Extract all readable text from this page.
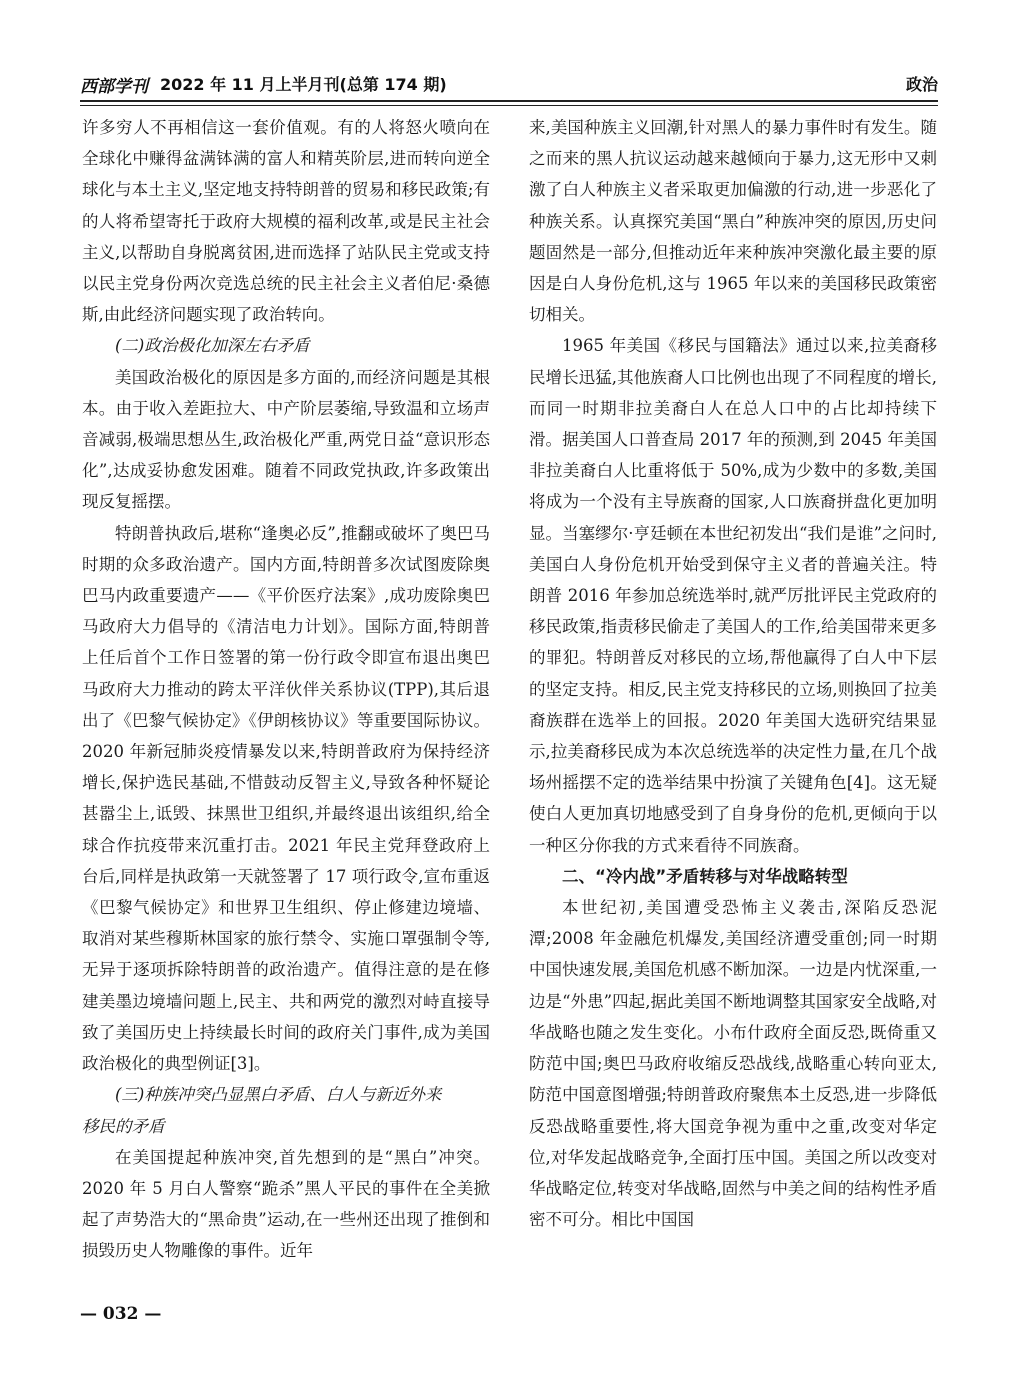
西部学刊 2022 年 11 月上半月刊(总第 174 期)	政治

许多穷人不再相信这一套价值观。有的人将怒火喷向在全球化中赚得盆满钵满的富人和精英阶层,进而转向逆全球化与本土主义,坚定地支持特朗普的贸易和移民政策;有的人将希望寄托于政府大规模的福利改革,或是民主社会主义,以帮助自身脱离贫困,进而选择了站队民主党或支持以民主党身份两次竞选总统的民主社会主义者伯尼·桑德斯,由此经济问题实现了政治转向。

(二)政治极化加深左右矛盾

美国政治极化的原因是多方面的,而经济问题是其根本。由于收入差距拉大、中产阶层萎缩,导致温和立场声音减弱,极端思想丛生,政治极化严重,两党日益“意识形态化”,达成妥协愈发困难。随着不同政党执政,许多政策出现反复摇摆。

特朗普执政后,堪称“逢奥必反”,推翻或破坏了奥巴马时期的众多政治遗产。国内方面,特朗普多次试图废除奥巴马内政重要遗产——《平价医疗法案》,成功废除奥巴马政府大力倡导的《清洁电力计划》。国际方面,特朗普上任后首个工作日签署的第一份行政令即宣布退出奥巴马政府大力推动的跨太平洋伙伴关系协议(TPP),其后退出了《巴黎气候协定》《伊朗核协议》等重要国际协议。2020 年新冠肺炎疫情暴发以来,特朗普政府为保持经济增长,保护选民基础,不惜鼓动反智主义,导致各种怀疑论甚嚣尘上,诋毁、抹黑世卫组织,并最终退出该组织,给全球合作抗疫带来沉重打击。2021 年民主党拜登政府上台后,同样是执政第一天就签署了 17 项行政令,宣布重返《巴黎气候协定》和世界卫生组织、停止修建边境墙、取消对某些穆斯林国家的旅行禁令、实施口罩强制令等,无异于逐项拆除特朗普的政治遗产。值得注意的是在修建美墨边境墙问题上,民主、共和两党的激烈对峙直接导致了美国历史上持续最长时间的政府关门事件,成为美国政治极化的典型例证[3]。

(三)种族冲突凸显黑白矛盾、白人与新近外来

移民的矛盾

在美国提起种族冲突,首先想到的是“黑白”冲突。2020 年 5 月白人警察“跪杀”黑人平民的事件在全美掀起了声势浩大的“黑命贵”运动,在一些州还出现了推倒和损毁历史人物雕像的事件。近年

来,美国种族主义回潮,针对黑人的暴力事件时有发生。随之而来的黑人抗议运动越来越倾向于暴力,这无形中又刺激了白人种族主义者采取更加偏激的行动,进一步恶化了种族关系。认真探究美国“黑白”种族冲突的原因,历史问题固然是一部分,但推动近年来种族冲突激化最主要的原因是白人身份危机,这与 1965 年以来的美国移民政策密切相关。

1965 年美国《移民与国籍法》通过以来,拉美裔移民增长迅猛,其他族裔人口比例也出现了不同程度的增长,而同一时期非拉美裔白人在总人口中的占比却持续下滑。据美国人口普查局 2017 年的预测,到 2045 年美国非拉美裔白人比重将低于 50%,成为少数中的多数,美国将成为一个没有主导族裔的国家,人口族裔拼盘化更加明显。当塞缪尔·亨廷顿在本世纪初发出“我们是谁”之问时,美国白人身份危机开始受到保守主义者的普遍关注。特朗普 2016 年参加总统选举时,就严厉批评民主党政府的移民政策,指责移民偷走了美国人的工作,给美国带来更多的罪犯。特朗普反对移民的立场,帮他赢得了白人中下层的坚定支持。相反,民主党支持移民的立场,则换回了拉美裔族群在选举上的回报。2020 年美国大选研究结果显示,拉美裔移民成为本次总统选举的决定性力量,在几个战场州摇摆不定的选举结果中扮演了关键角色[4]。这无疑使白人更加真切地感受到了自身身份的危机,更倾向于以一种区分你我的方式来看待不同族裔。

二、“冷内战”矛盾转移与对华战略转型

本世纪初,美国遭受恐怖主义袭击,深陷反恐泥潭;2008 年金融危机爆发,美国经济遭受重创;同一时期中国快速发展,美国危机感不断加深。一边是内忧深重,一边是“外患”四起,据此美国不断地调整其国家安全战略,对华战略也随之发生变化。小布什政府全面反恐,既倚重又防范中国;奥巴马政府收缩反恐战线,战略重心转向亚太,防范中国意图增强;特朗普政府聚焦本土反恐,进一步降低反恐战略重要性,将大国竞争视为重中之重,改变对华定位,对华发起战略竞争,全面打压中国。美国之所以改变对华战略定位,转变对华战略,固然与中美之间的结构性矛盾密不可分。相比中国国

— 032 —
